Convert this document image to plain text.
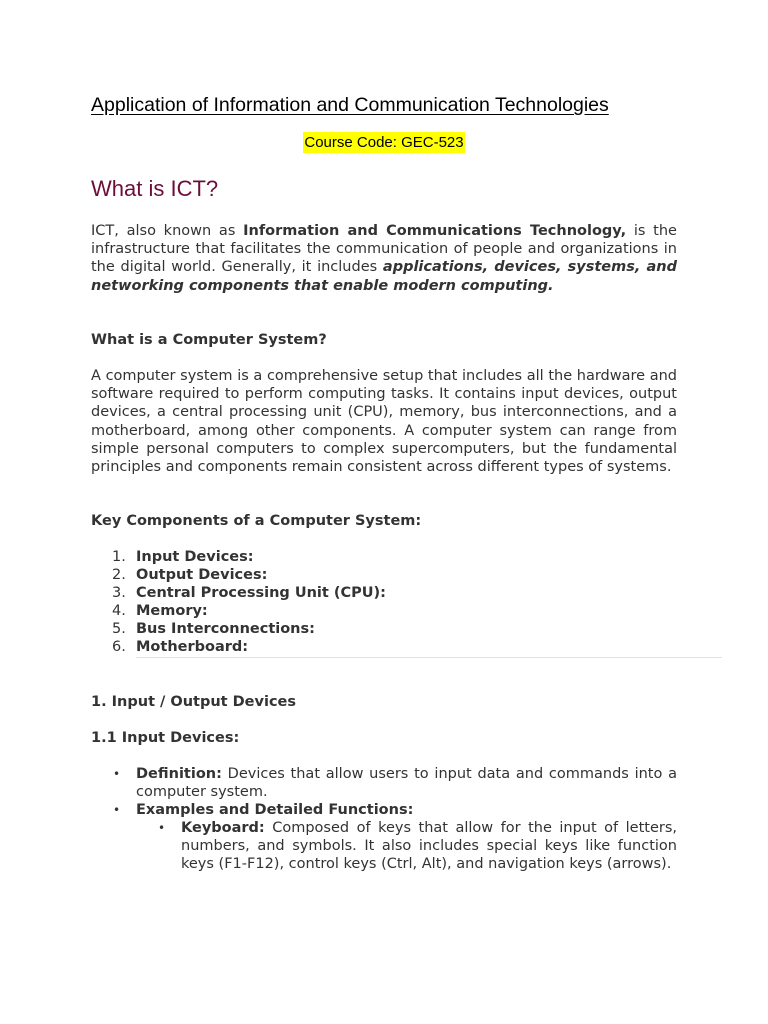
Application of Information and Communication Technologies
Course Code: GEC-523
What is ICT?

ICT, also known as Information and Communications Technology, is the infrastructure that facilitates the communication of people and organizations in the digital world. Generally, it includes applications, devices, systems, and networking components that enable modern computing.

What is a Computer System?

A computer system is a comprehensive setup that includes all the hardware and software required to perform computing tasks. It contains input devices, output devices, a central processing unit (CPU), memory, bus interconnections, and a motherboard, among other components. A computer system can range from simple personal computers to complex supercomputers, but the fundamental principles and components remain consistent across different types of systems.

Key Components of a Computer System:
1. Input Devices:
2. Output Devices:
3. Central Processing Unit (CPU):
4. Memory:
5. Bus Interconnections:
6. Motherboard:
1. Input / Output Devices
1.1 Input Devices:
• Definition: Devices that allow users to input data and commands into a computer system.
• Examples and Detailed Functions:
• Keyboard: Composed of keys that allow for the input of letters, numbers, and symbols. It also includes special keys like function keys (F1-F12), control keys (Ctrl, Alt), and navigation keys (arrows).
